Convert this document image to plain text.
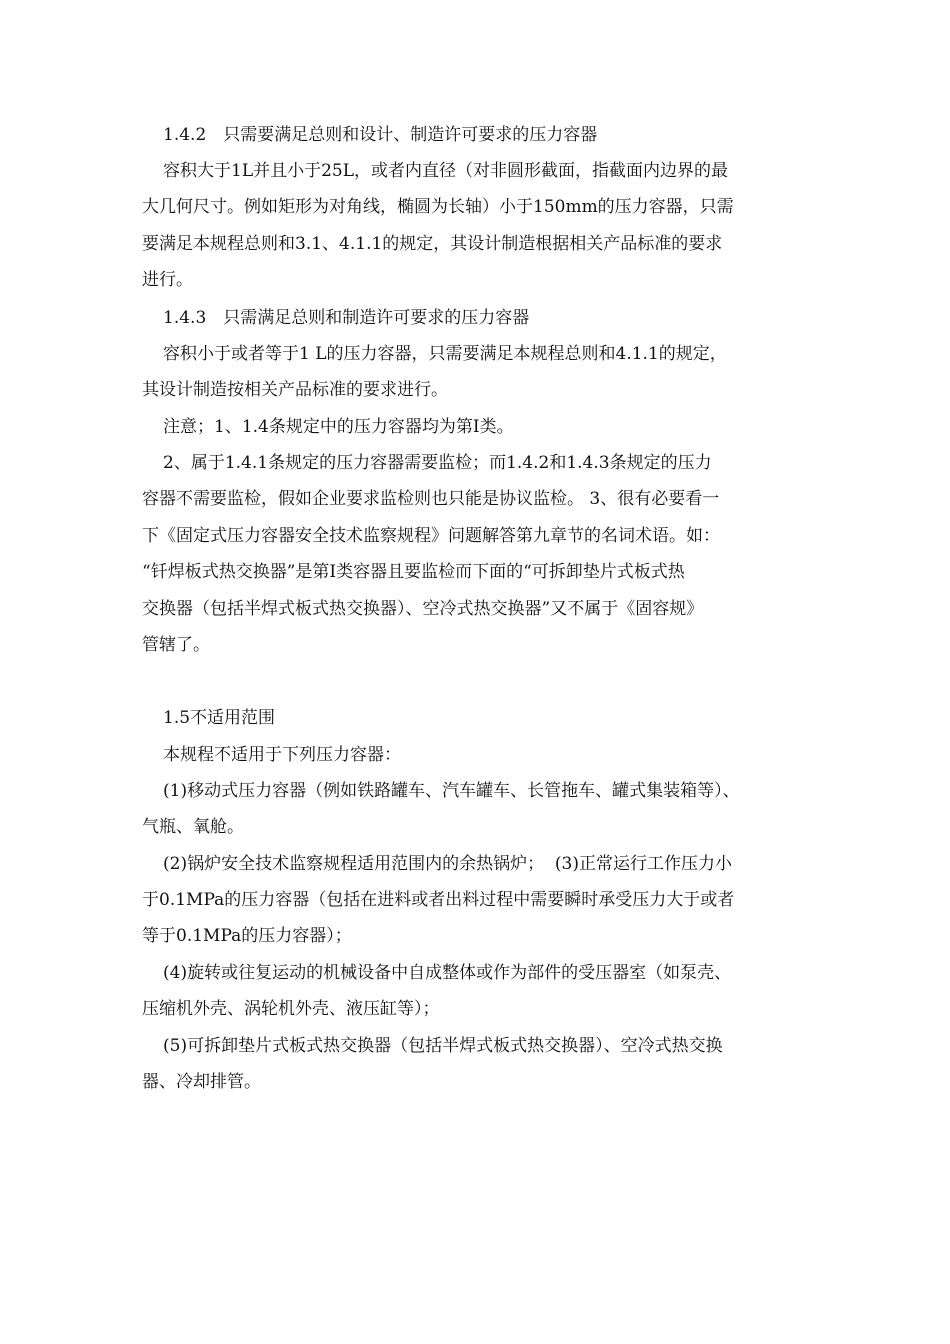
1.4.2　只需要满足总则和设计、制造许可要求的压力容器
容积大于1L并且小于25L，或者内直径（对非圆形截面，指截面内边界的最
大几何尺寸。例如矩形为对角线，椭圆为长轴）小于150mm的压力容器，只需
要满足本规程总则和3.1、4.1.1的规定，其设计制造根据相关产品标准的要求
进行。
1.4.3　只需满足总则和制造许可要求的压力容器
容积小于或者等于1 L的压力容器，只需要满足本规程总则和4.1.1的规定，
其设计制造按相关产品标准的要求进行。
注意；1、1.4条规定中的压力容器均为第Ⅰ类。
2、属于1.4.1条规定的压力容器需要监检；而1.4.2和1.4.3条规定的压力
容器不需要监检，假如企业要求监检则也只能是协议监检。 3、很有必要看一
下《固定式压力容器安全技术监察规程》问题解答第九章节的名词术语。如：
“钎焊板式热交换器”是第Ⅰ类容器且要监检而下面的“可拆卸垫片式板式热
交换器（包括半焊式板式热交换器）、空冷式热交换器”又不属于《固容规》
管辖了。
1.5不适用范围
本规程不适用于下列压力容器：
(1)移动式压力容器（例如铁路罐车、汽车罐车、长管拖车、罐式集装箱等）、
气瓶、氧舱。
(2)锅炉安全技术监察规程适用范围内的余热锅炉；  (3)正常运行工作压力小
于0.1MPa的压力容器（包括在进料或者出料过程中需要瞬时承受压力大于或者
等于0.1MPa的压力容器）；
(4)旋转或往复运动的机械设备中自成整体或作为部件的受压器室（如泵壳、
压缩机外壳、涡轮机外壳、液压缸等）；
(5)可拆卸垫片式板式热交换器（包括半焊式板式热交换器）、空冷式热交换
器、冷却排管。
